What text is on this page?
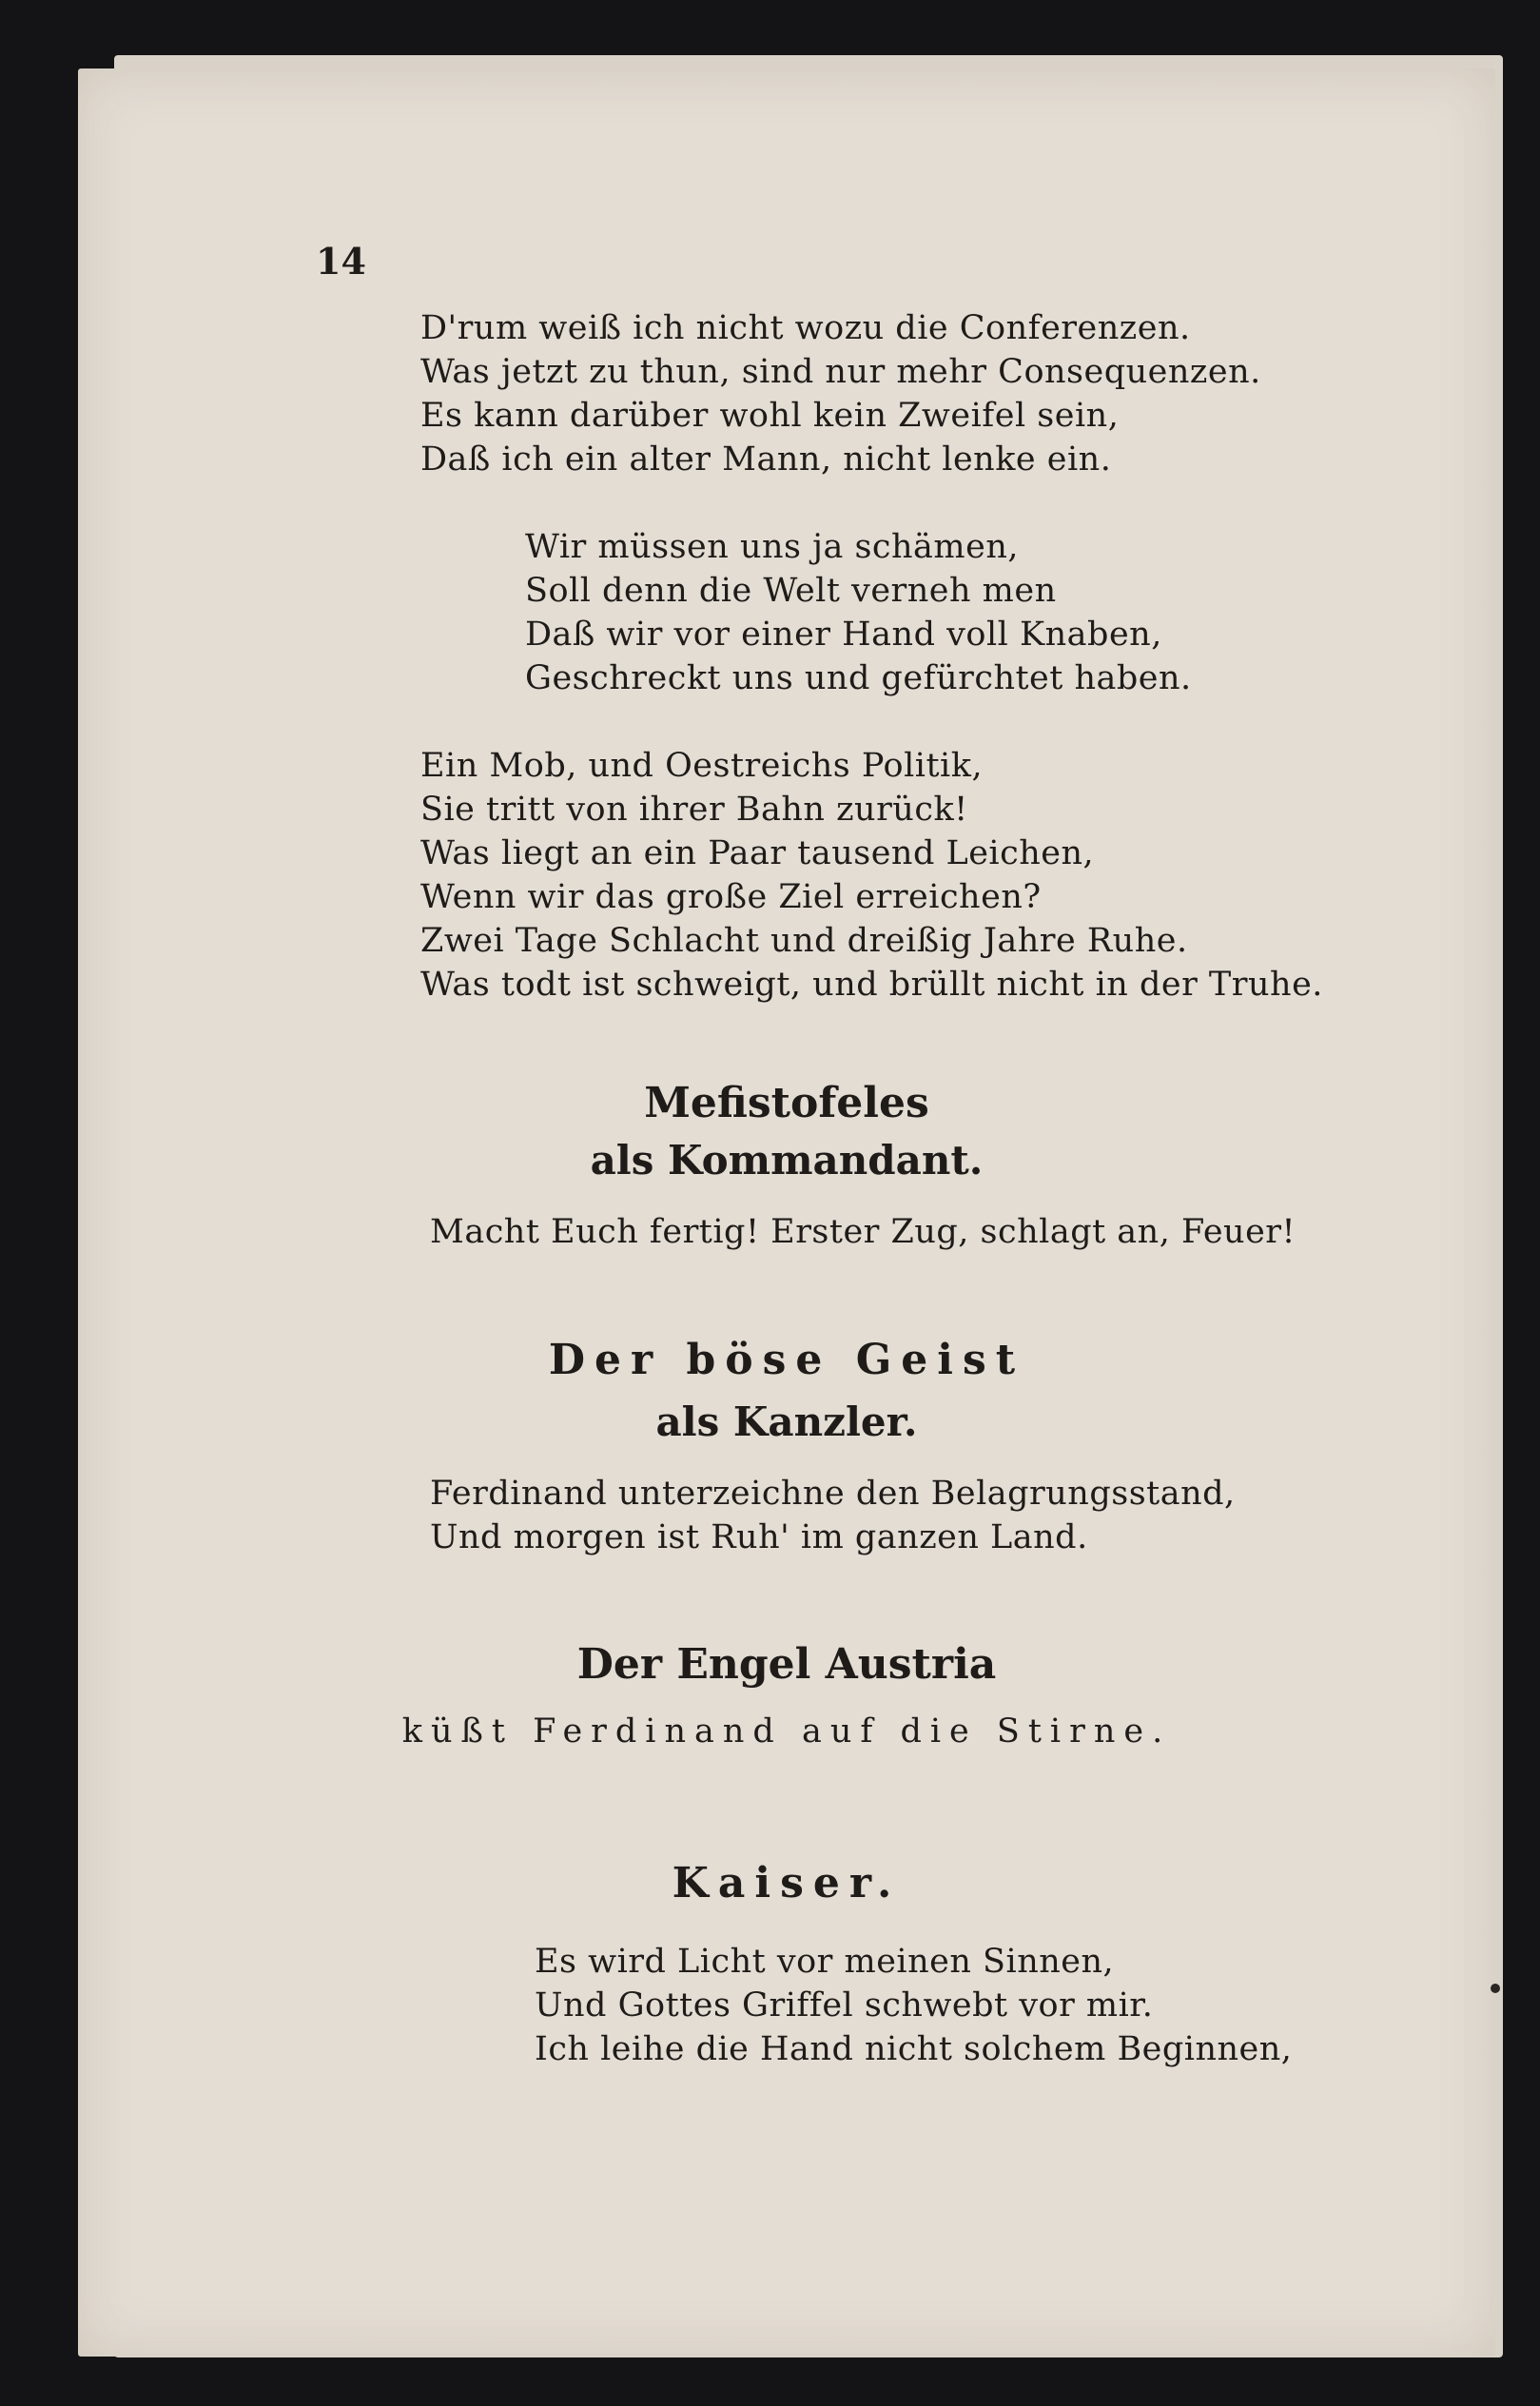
14

D'rum weiß ich nicht wozu die Conferenzen.
Was jetzt zu thun, sind nur mehr Consequenzen.
Es kann darüber wohl kein Zweifel sein,
Daß ich ein alter Mann, nicht lenke ein.
Wir müssen uns ja schämen,
Soll denn die Welt verneh men
Daß wir vor einer Hand voll Knaben,
Geschreckt uns und gefürchtet haben.
Ein Mob, und Oestreichs Politik,
Sie tritt von ihrer Bahn zurück!
Was liegt an ein Paar tausend Leichen,
Wenn wir das große Ziel erreichen?
Zwei Tage Schlacht und dreißig Jahre Ruhe.
Was todt ist schweigt, und brüllt nicht in der Truhe.
Mefistofeles
als Kommandant.
Macht Euch fertig! Erster Zug, schlagt an, Feuer!
Der böse Geist
als Kanzler.
Ferdinand unterzeichne den Belagrungsstand,
Und morgen ist Ruh' im ganzen Land.
Der Engel Austria

küßt Ferdinand auf die Stirne.

Kaiser.
Es wird Licht vor meinen Sinnen,
Und Gottes Griffel schwebt vor mir.
Ich leihe die Hand nicht solchem Beginnen,
